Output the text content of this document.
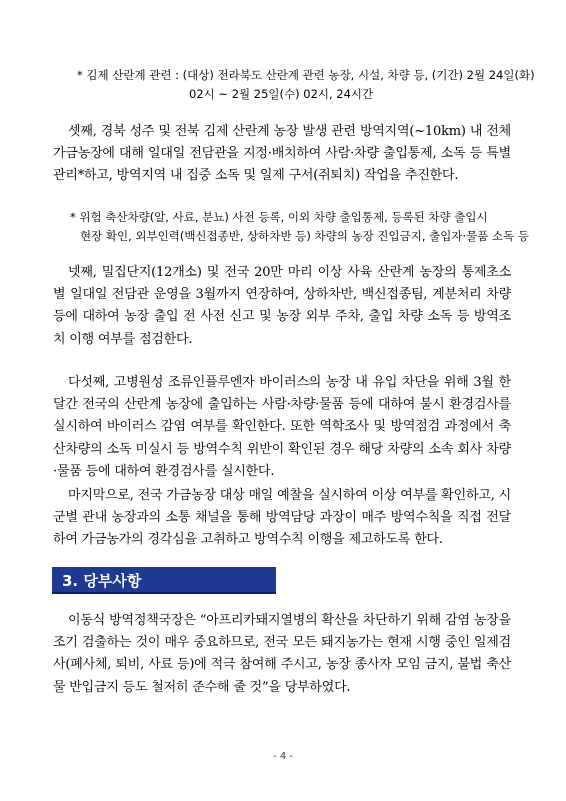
* 김제 산란계 관련 : (대상) 전라북도 산란계 관련 농장, 시설, 차량 등, (기간) 2월 24일(화)
02시 ~ 2월 25일(수) 02시, 24시간
셋째, 경북 성주 및 전북 김제 산란계 농장 발생 관련 방역지역(~10km) 내 전체 가금농장에 대해 일대일 전담관을 지정·배치하여 사람·차량 출입통제, 소독 등 특별관리*하고, 방역지역 내 집중 소독 및 일제 구서(쥐퇴치) 작업을 추진한다.
* 위험 축산차량(알, 사료, 분뇨) 사전 등록, 이외 차량 출입통제, 등록된 차량 출입시
현장 확인, 외부인력(백신접종반, 상하차반 등) 차량의 농장 진입금지, 출입자·물품 소독 등
넷째, 밀집단지(12개소) 및 전국 20만 마리 이상 사육 산란계 농장의 통제초소별 일대일 전담관 운영을 3월까지 연장하여, 상하차반, 백신접종팀, 계분처리 차량 등에 대하여 농장 출입 전 사전 신고 및 농장 외부 주차, 출입 차량 소독 등 방역조치 이행 여부를 점검한다.
다섯째, 고병원성 조류인플루엔자 바이러스의 농장 내 유입 차단을 위해 3월 한달간 전국의 산란계 농장에 출입하는 사람·차량·물품 등에 대하여 불시 환경검사를 실시하여 바이러스 감염 여부를 확인한다. 또한 역학조사 및 방역점검 과정에서 축산차량의 소독 미실시 등 방역수칙 위반이 확인된 경우 해당 차량의 소속 회사 차량·물품 등에 대하여 환경검사를 실시한다.
마지막으로, 전국 가금농장 대상 매일 예찰을 실시하여 이상 여부를 확인하고, 시군별 관내 농장과의 소통 채널을 통해 방역담당 과장이 매주 방역수칙을 직접 전달하여 가금농가의 경각심을 고취하고 방역수칙 이행을 제고하도록 한다.
3. 당부사항
이동식 방역정책국장은 “아프리카돼지열병의 확산을 차단하기 위해 감염 농장을 조기 검출하는 것이 매우 중요하므로, 전국 모든 돼지농가는 현재 시행 중인 일제검사(폐사체, 퇴비, 사료 등)에 적극 참여해 주시고, 농장 종사자 모임 금지, 불법 축산물 반입금지 등도 철저히 준수해 줄 것”을 당부하였다.
- 4 -
